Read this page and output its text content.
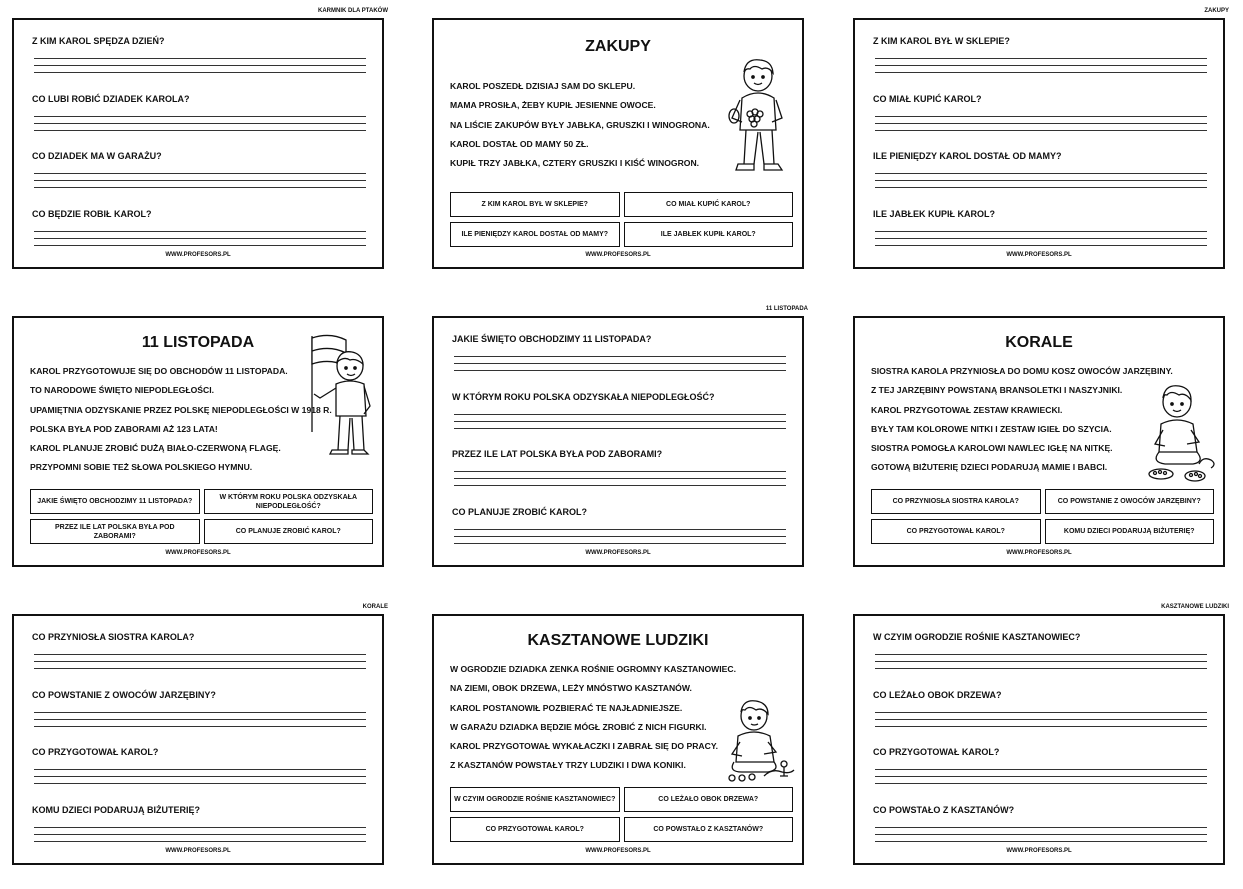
KARMNIK DLA PTAKÓW	ZAKUPY
11 LISTOPADA
KORALE	KASZTANOWE LUDZIKI
Z KIM KAROL SPĘDZA DZIEŃ?
CO LUBI ROBIĆ DZIADEK KAROLA?
CO DZIADEK MA W GARAŻU?
CO BĘDZIE ROBIŁ KAROL?
WWW.PROFESORS.PL
ZAKUPY
KAROL POSZEDŁ DZISIAJ SAM DO SKLEPU.
MAMA PROSIŁA, ŻEBY KUPIŁ JESIENNE OWOCE.
NA LIŚCIE ZAKUPÓW BYŁY JABŁKA, GRUSZKI I WINOGRONA.
KAROL DOSTAŁ OD MAMY 50 ZŁ.
KUPIŁ TRZY JABŁKA, CZTERY GRUSZKI I KIŚĆ WINOGRON.
Z KIM KAROL BYŁ W SKLEPIE?	CO MIAŁ KUPIĆ KAROL?
ILE PIENIĘDZY KAROL DOSTAŁ OD MAMY?	ILE JABŁEK KUPIŁ KAROL?
WWW.PROFESORS.PL
Z KIM KAROL BYŁ W SKLEPIE?
CO MIAŁ KUPIĆ KAROL?
ILE PIENIĘDZY KAROL DOSTAŁ OD MAMY?
ILE JABŁEK KUPIŁ KAROL?
WWW.PROFESORS.PL
11 LISTOPADA
KAROL PRZYGOTOWUJE SIĘ DO OBCHODÓW 11 LISTOPADA.
TO NARODOWE ŚWIĘTO NIEPODLEGŁOŚCI.
UPAMIĘTNIA ODZYSKANIE PRZEZ POLSKĘ NIEPODLEGŁOŚCI W 1918 R.
POLSKA BYŁA POD ZABORAMI AŻ 123 LATA!
KAROL PLANUJE ZROBIĆ DUŻĄ BIAŁO-CZERWONĄ FLAGĘ.
PRZYPOMNI SOBIE TEŻ SŁOWA POLSKIEGO HYMNU.
JAKIE ŚWIĘTO OBCHODZIMY 11 LISTOPADA?
W KTÓRYM ROKU POLSKA ODZYSKAŁA NIEPODLEGŁOŚĆ?
PRZEZ ILE LAT POLSKA BYŁA POD ZABORAMI?
CO PLANUJE ZROBIĆ KAROL?
WWW.PROFESORS.PL
JAKIE ŚWIĘTO OBCHODZIMY 11 LISTOPADA?
W KTÓRYM ROKU POLSKA ODZYSKAŁA NIEPODLEGŁOŚĆ?
PRZEZ ILE LAT POLSKA BYŁA POD ZABORAMI?
CO PLANUJE ZROBIĆ KAROL?
WWW.PROFESORS.PL
KORALE
SIOSTRA KAROLA PRZYNIOSŁA DO DOMU KOSZ OWOCÓW JARZĘBINY.
Z TEJ JARZĘBINY POWSTANĄ BRANSOLETKI I NASZYJNIKI.
KAROL PRZYGOTOWAŁ ZESTAW KRAWIECKI.
BYŁY TAM KOLOROWE NITKI I ZESTAW IGIEŁ DO SZYCIA.
SIOSTRA POMOGŁA KAROLOWI NAWLEC IGŁĘ NA NITKĘ.
GOTOWĄ BIŻUTERIĘ DZIECI PODARUJĄ MAMIE I BABCI.
CO PRZYNIOSŁA SIOSTRA KAROLA?	CO POWSTANIE Z OWOCÓW JARZĘBINY?
CO PRZYGOTOWAŁ KAROL?	KOMU DZIECI PODARUJĄ BIŻUTERIĘ?
WWW.PROFESORS.PL
CO PRZYNIOSŁA SIOSTRA KAROLA?
CO POWSTANIE Z OWOCÓW JARZĘBINY?
CO PRZYGOTOWAŁ KAROL?
KOMU DZIECI PODARUJĄ BIŻUTERIĘ?
WWW.PROFESORS.PL
KASZTANOWE LUDZIKI
W OGRODZIE DZIADKA ZENKA ROŚNIE OGROMNY KASZTANOWIEC.
NA ZIEMI, OBOK DRZEWA, LEŻY MNÓSTWO KASZTANÓW.
KAROL POSTANOWIŁ POZBIERAĆ TE NAJŁADNIEJSZE.
W GARAŻU DZIADKA BĘDZIE MÓGŁ ZROBIĆ Z NICH FIGURKI.
KAROL PRZYGOTOWAŁ WYKAŁACZKI I ZABRAŁ SIĘ DO PRACY.
Z KASZTANÓW POWSTAŁY TRZY LUDZIKI I DWA KONIKI.
W CZYIM OGRODZIE ROŚNIE KASZTANOWIEC?	CO LEŻAŁO OBOK DRZEWA?
CO PRZYGOTOWAŁ KAROL?	CO POWSTAŁO Z KASZTANÓW?
WWW.PROFESORS.PL
W CZYIM OGRODZIE ROŚNIE KASZTANOWIEC?
CO LEŻAŁO OBOK DRZEWA?
CO PRZYGOTOWAŁ KAROL?
CO POWSTAŁO Z KASZTANÓW?
WWW.PROFESORS.PL
